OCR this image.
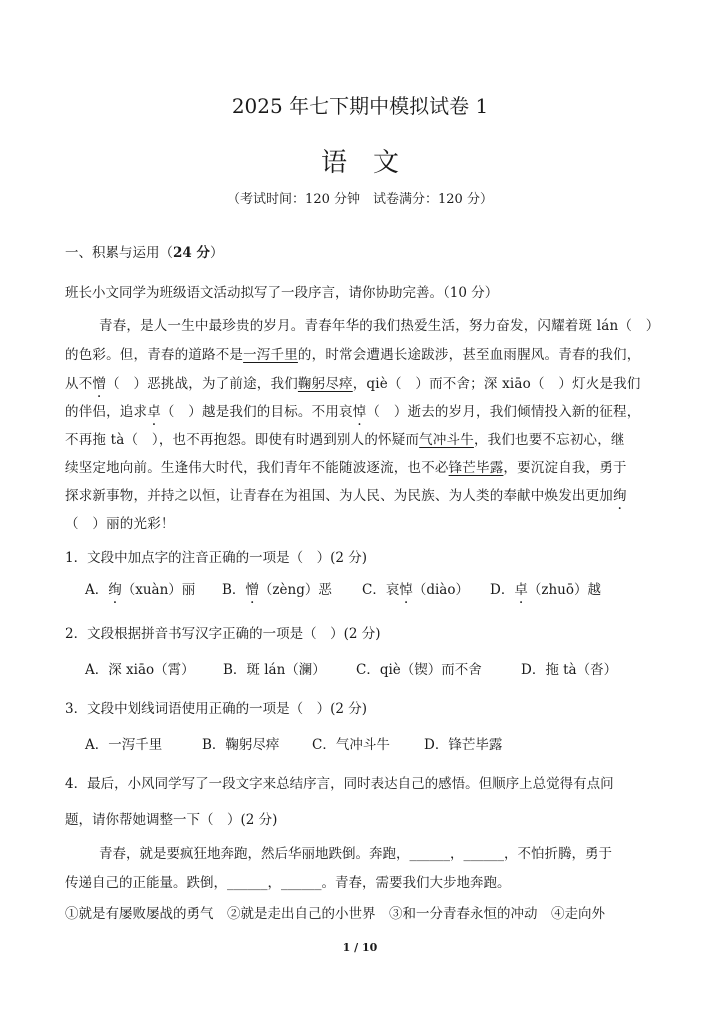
2025 年七下期中模拟试卷 1
语文
（考试时间：120 分钟　试卷满分：120 分）
一、积累与运用（24 分）
班长小文同学为班级语文活动拟写了一段序言，请你协助完善。（10 分）
青春，是人一生中最珍贵的岁月。青春年华的我们热爱生活，努力奋发，闪耀着斑 lán（　）
的色彩。但，青春的道路不是一泻千里的，时常会遭遇长途跋涉，甚至血雨腥风。青春的我们，
从不憎（　）恶挑战，为了前途，我们鞠躬尽瘁，qiè（　）而不舍；深 xiāo（　）灯火是我们
的伴侣，追求卓（　）越是我们的目标。不用哀悼（　）逝去的岁月，我们倾情投入新的征程，
不再拖 tà（　），也不再抱怨。即使有时遇到别人的怀疑而气冲斗牛，我们也要不忘初心，继
续坚定地向前。生逢伟大时代，我们青年不能随波逐流，也不必锋芒毕露，要沉淀自我，勇于
探求新事物，并持之以恒，让青春在为祖国、为人民、为民族、为人类的奉献中焕发出更加绚
（　）丽的光彩！
1．文段中加点字的注音正确的一项是（　）(2 分)
A．绚（xuàn）丽 B．憎（zèng）恶 C．哀悼（diào） D．卓（zhuō）越
2．文段根据拼音书写汉字正确的一项是（　）(2 分)
A．深 xiāo（霄） B．斑 lán（澜） C．qiè（锲）而不舍	D．拖 tà（沓）
3．文段中划线词语使用正确的一项是（　）(2 分)
A．一泻千里	B．鞠躬尽瘁 C．气冲斗牛	D．锋芒毕露
4．最后，小风同学写了一段文字来总结序言，同时表达自己的感悟。但顺序上总觉得有点问
题，请你帮她调整一下（　）(2 分)
青春，就是要疯狂地奔跑，然后华丽地跌倒。奔跑，______，______，不怕折腾，勇于
传递自己的正能量。跌倒，______，______。青春，需要我们大步地奔跑。
①就是有屡败屡战的勇气　②就是走出自己的小世界　③和一分青春永恒的冲动　④走向外
1 / 10
